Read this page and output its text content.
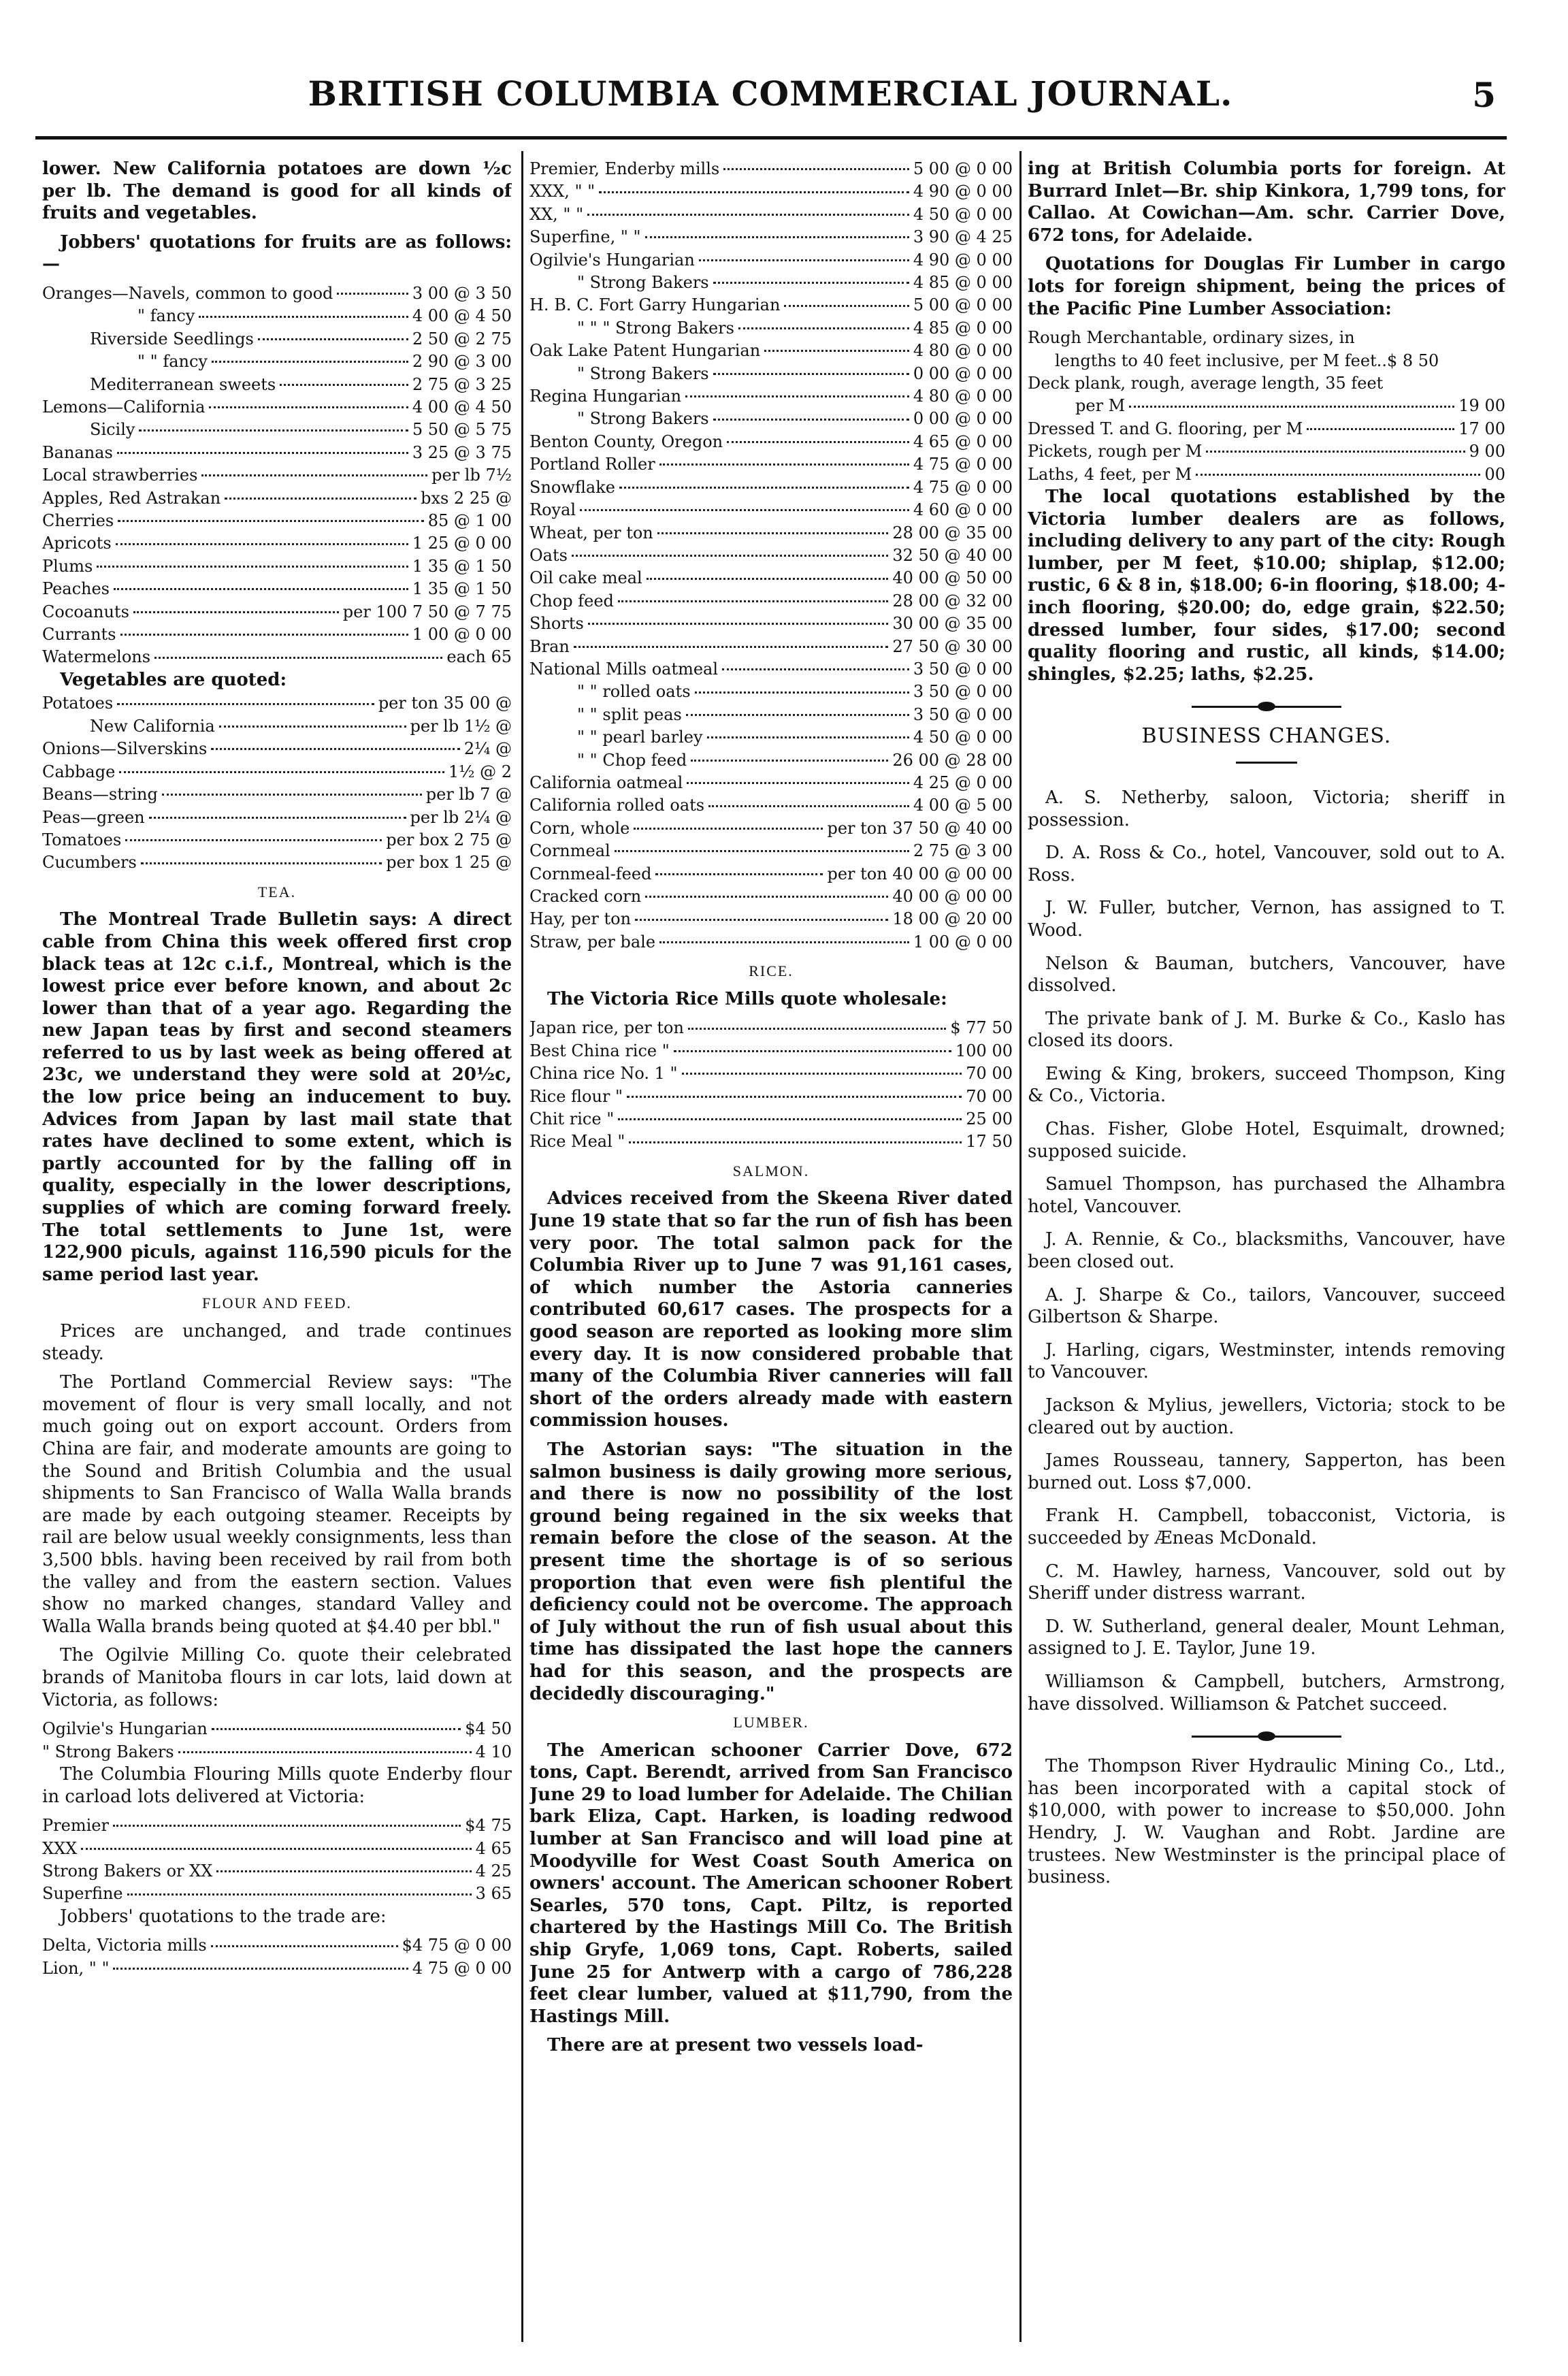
BRITISH COLUMBIA COMMERCIAL JOURNAL.	5

lower. New California potatoes are down ½c per lb. The demand is good for all kinds of fruits and vegetables.

Jobbers' quotations for fruits are as follows:—

Oranges—Navels, common to good	3 00 @ 3 50
" fancy	4 00 @ 4 50
Riverside Seedlings	2 50 @ 2 75
" " fancy	2 90 @ 3 00
Mediterranean sweets	2 75 @ 3 25
Lemons—California	4 00 @ 4 50
Sicily	5 50 @ 5 75
Bananas	3 25 @ 3 75
Local strawberries	per lb 7½
Apples, Red Astrakan	bxs 2 25 @
Cherries	85 @ 1 00
Apricots	1 25 @ 0 00
Plums	1 35 @ 1 50
Peaches	1 35 @ 1 50
Cocoanuts	per 100 7 50 @ 7 75
Currants	1 00 @ 0 00
Watermelons	each 65
Vegetables are quoted:
Potatoes	per ton 35 00 @
New California	per lb 1½ @
Onions—Silverskins	2¼ @
Cabbage	1½ @ 2
Beans—string	per lb 7 @
Peas—green	per lb 2¼ @
Tomatoes	per box 2 75 @
Cucumbers	per box 1 25 @
TEA.

The Montreal Trade Bulletin says: A direct cable from China this week offered first crop black teas at 12c c.i.f., Montreal, which is the lowest price ever before known, and about 2c lower than that of a year ago. Regarding the new Japan teas by first and second steamers referred to us by last week as being offered at 23c, we understand they were sold at 20½c, the low price being an inducement to buy. Advices from Japan by last mail state that rates have declined to some extent, which is partly accounted for by the falling off in quality, especially in the lower descriptions, supplies of which are coming forward freely. The total settlements to June 1st, were 122,900 piculs, against 116,590 piculs for the same period last year.

FLOUR AND FEED.

Prices are unchanged, and trade continues steady.

The Portland Commercial Review says: "The movement of flour is very small locally, and not much going out on export account. Orders from China are fair, and moderate amounts are going to the Sound and British Columbia and the usual shipments to San Francisco of Walla Walla brands are made by each outgoing steamer. Receipts by rail are below usual weekly consignments, less than 3,500 bbls. having been received by rail from both the valley and from the eastern section. Values show no marked changes, standard Valley and Walla Walla brands being quoted at $4.40 per bbl."

The Ogilvie Milling Co. quote their celebrated brands of Manitoba flours in car lots, laid down at Victoria, as follows:

Ogilvie's Hungarian	$4 50
" Strong Bakers	4 10

The Columbia Flouring Mills quote Enderby flour in carload lots delivered at Victoria:

Premier	$4 75
XXX	4 65
Strong Bakers or XX	4 25
Superfine	3 65

Jobbers' quotations to the trade are:

Delta, Victoria mills	$4 75 @ 0 00
Lion, " "	4 75 @ 0 00
Premier, Enderby mills	5 00 @ 0 00
XXX, " "	4 90 @ 0 00
XX, " "	4 50 @ 0 00
Superfine, " "	3 90 @ 4 25
Ogilvie's Hungarian	4 90 @ 0 00
" Strong Bakers	4 85 @ 0 00
H. B. C. Fort Garry Hungarian	5 00 @ 0 00
" " " Strong Bakers	4 85 @ 0 00
Oak Lake Patent Hungarian	4 80 @ 0 00
" Strong Bakers	0 00 @ 0 00
Regina Hungarian	4 80 @ 0 00
" Strong Bakers	0 00 @ 0 00
Benton County, Oregon	4 65 @ 0 00
Portland Roller	4 75 @ 0 00
Snowflake	4 75 @ 0 00
Royal	4 60 @ 0 00
Wheat, per ton	28 00 @ 35 00
Oats	32 50 @ 40 00
Oil cake meal	40 00 @ 50 00
Chop feed	28 00 @ 32 00
Shorts	30 00 @ 35 00
Bran	27 50 @ 30 00
National Mills oatmeal	3 50 @ 0 00
" " rolled oats	3 50 @ 0 00
" " split peas	3 50 @ 0 00
" " pearl barley	4 50 @ 0 00
" " Chop feed	26 00 @ 28 00
California oatmeal	4 25 @ 0 00
California rolled oats	4 00 @ 5 00
Corn, whole	per ton 37 50 @ 40 00
Cornmeal	2 75 @ 3 00
Cornmeal-feed	per ton 40 00 @ 00 00
Cracked corn	40 00 @ 00 00
Hay, per ton	18 00 @ 20 00
Straw, per bale	1 00 @ 0 00
RICE.

The Victoria Rice Mills quote wholesale:

Japan rice, per ton	$ 77 50
Best China rice "	100 00
China rice No. 1 "	70 00
Rice flour "	70 00
Chit rice "	25 00
Rice Meal "	17 50
SALMON.

Advices received from the Skeena River dated June 19 state that so far the run of fish has been very poor. The total salmon pack for the Columbia River up to June 7 was 91,161 cases, of which number the Astoria canneries contributed 60,617 cases. The prospects for a good season are reported as looking more slim every day. It is now considered probable that many of the Columbia River canneries will fall short of the orders already made with eastern commission houses.

The Astorian says: "The situation in the salmon business is daily growing more serious, and there is now no possibility of the lost ground being regained in the six weeks that remain before the close of the season. At the present time the shortage is of so serious proportion that even were fish plentiful the deficiency could not be overcome. The approach of July without the run of fish usual about this time has dissipated the last hope the canners had for this season, and the prospects are decidedly discouraging."

LUMBER.

The American schooner Carrier Dove, 672 tons, Capt. Berendt, arrived from San Francisco June 29 to load lumber for Adelaide. The Chilian bark Eliza, Capt. Harken, is loading redwood lumber at San Francisco and will load pine at Moodyville for West Coast South America on owners' account. The American schooner Robert Searles, 570 tons, Capt. Piltz, is reported chartered by the Hastings Mill Co. The British ship Gryfe, 1,069 tons, Capt. Roberts, sailed June 25 for Antwerp with a cargo of 786,228 feet clear lumber, valued at $11,790, from the Hastings Mill.

There are at present two vessels load-

ing at British Columbia ports for foreign. At Burrard Inlet—Br. ship Kinkora, 1,799 tons, for Callao. At Cowichan—Am. schr. Carrier Dove, 672 tons, for Adelaide.

Quotations for Douglas Fir Lumber in cargo lots for foreign shipment, being the prices of the Pacific Pine Lumber Association:

Rough Merchantable, ordinary sizes, in
lengths to 40 feet inclusive, per M feet..$ 8 50
Deck plank, rough, average length, 35 feet
per M	19 00
Dressed T. and G. flooring, per M	17 00
Pickets, rough per M	9 00
Laths, 4 feet, per M	00

The local quotations established by the Victoria lumber dealers are as follows, including delivery to any part of the city: Rough lumber, per M feet, $10.00; shiplap, $12.00; rustic, 6 & 8 in, $18.00; 6-in flooring, $18.00; 4-inch flooring, $20.00; do, edge grain, $22.50; dressed lumber, four sides, $17.00; second quality flooring and rustic, all kinds, $14.00; shingles, $2.25; laths, $2.25.

BUSINESS CHANGES.

A. S. Netherby, saloon, Victoria; sheriff in possession.

D. A. Ross & Co., hotel, Vancouver, sold out to A. Ross.

J. W. Fuller, butcher, Vernon, has assigned to T. Wood.

Nelson & Bauman, butchers, Vancouver, have dissolved.

The private bank of J. M. Burke & Co., Kaslo has closed its doors.

Ewing & King, brokers, succeed Thompson, King & Co., Victoria.

Chas. Fisher, Globe Hotel, Esquimalt, drowned; supposed suicide.

Samuel Thompson, has purchased the Alhambra hotel, Vancouver.

J. A. Rennie, & Co., blacksmiths, Vancouver, have been closed out.

A. J. Sharpe & Co., tailors, Vancouver, succeed Gilbertson & Sharpe.

J. Harling, cigars, Westminster, intends removing to Vancouver.

Jackson & Mylius, jewellers, Victoria; stock to be cleared out by auction.

James Rousseau, tannery, Sapperton, has been burned out. Loss $7,000.

Frank H. Campbell, tobacconist, Victoria, is succeeded by Æneas McDonald.

C. M. Hawley, harness, Vancouver, sold out by Sheriff under distress warrant.

D. W. Sutherland, general dealer, Mount Lehman, assigned to J. E. Taylor, June 19.

Williamson & Campbell, butchers, Armstrong, have dissolved. Williamson & Patchet succeed.

The Thompson River Hydraulic Mining Co., Ltd., has been incorporated with a capital stock of $10,000, with power to increase to $50,000. John Hendry, J. W. Vaughan and Robt. Jardine are trustees. New Westminster is the principal place of business.
